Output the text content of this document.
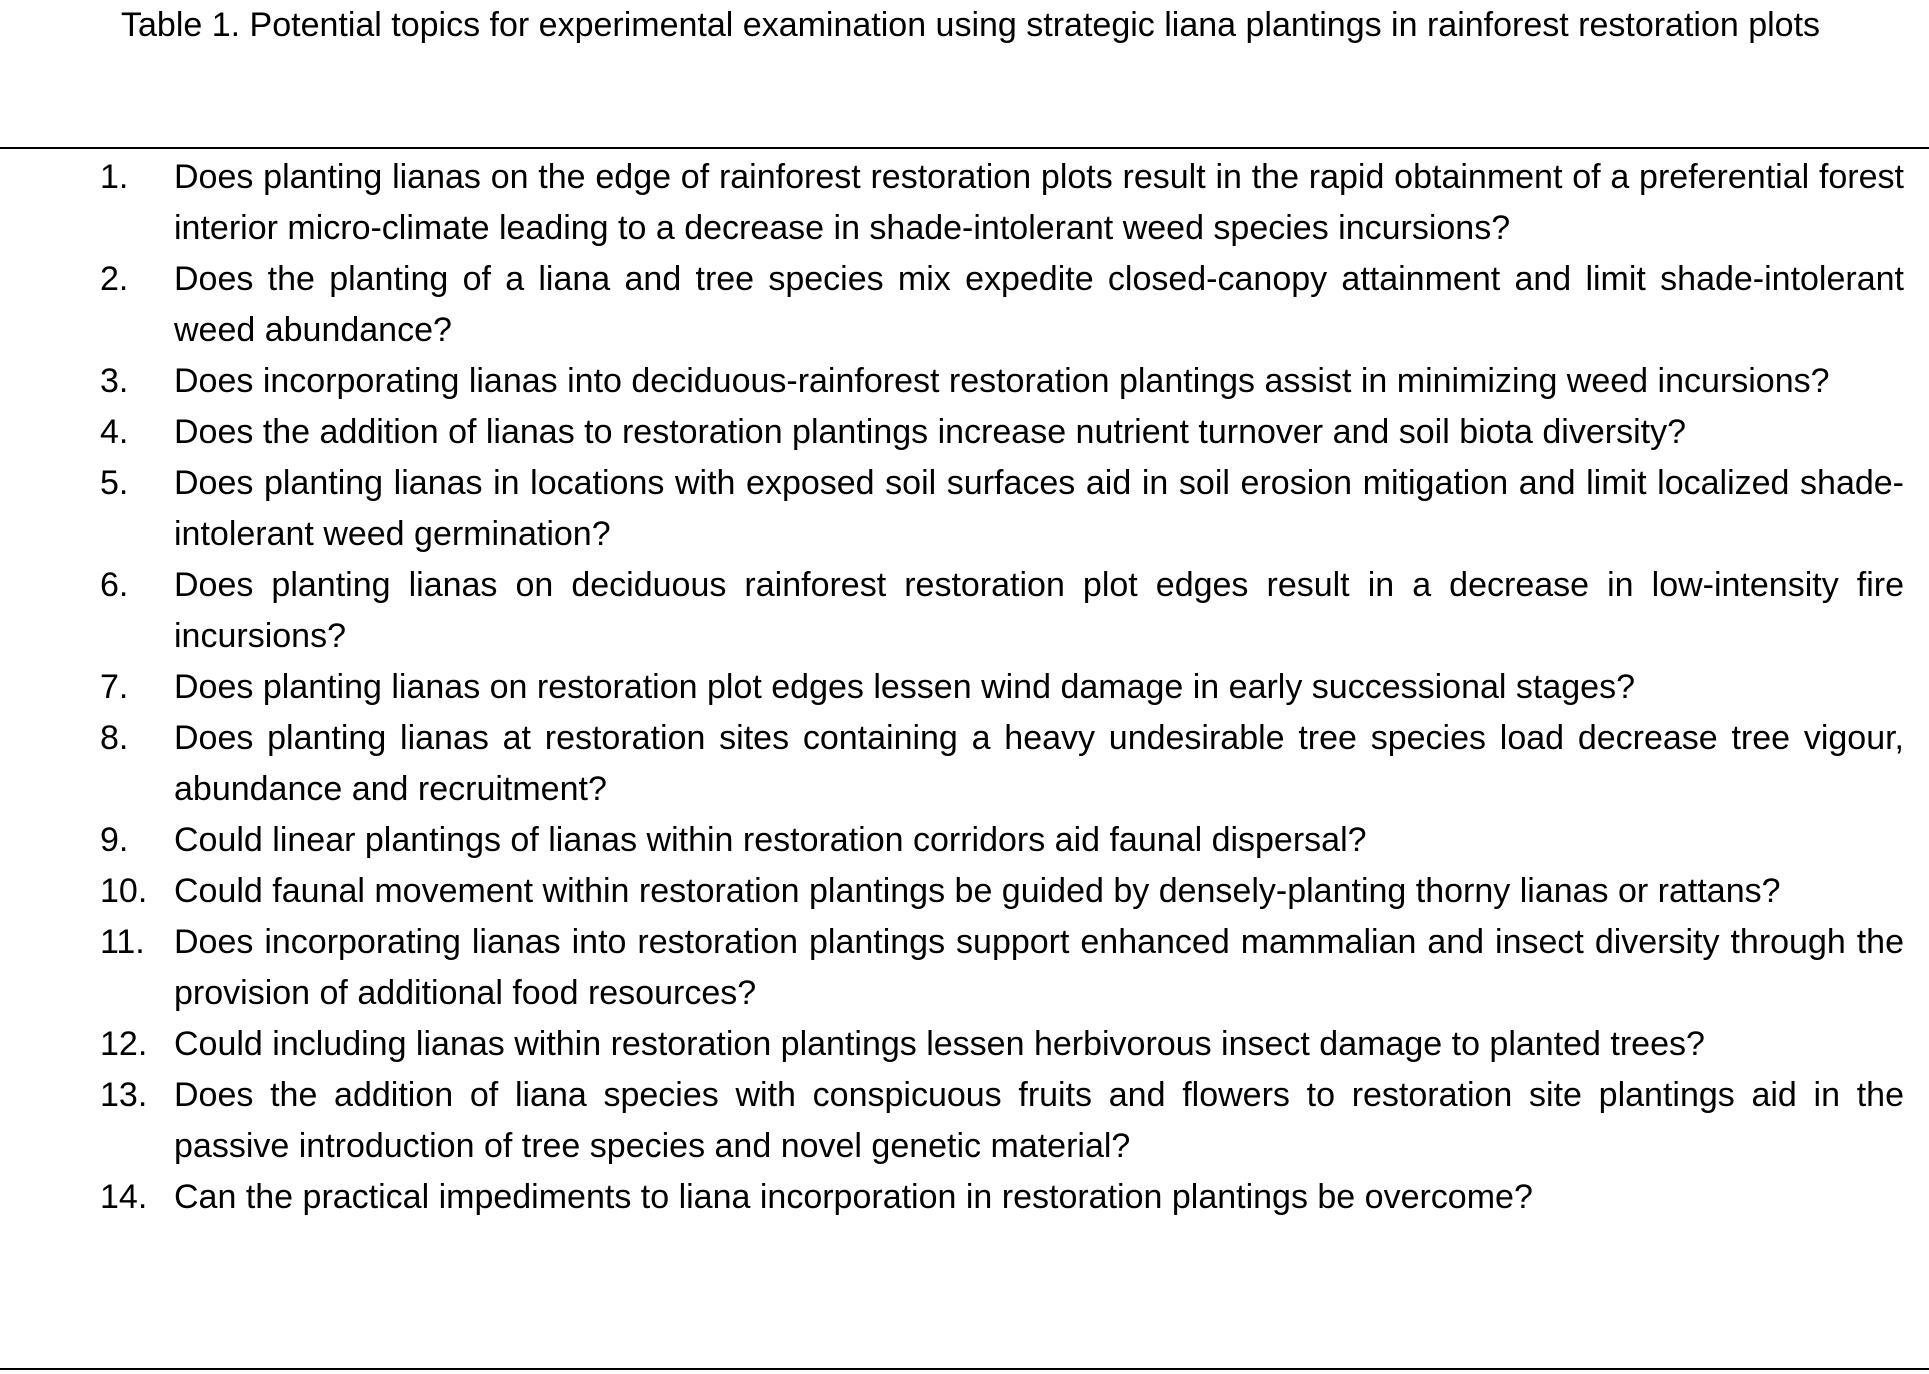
Table 1. Potential topics for experimental examination using strategic liana plantings in rainforest restoration plots
1. Does planting lianas on the edge of rainforest restoration plots result in the rapid obtainment of a preferential forest interior micro-climate leading to a decrease in shade-intolerant weed species incursions?
2. Does the planting of a liana and tree species mix expedite closed-canopy attainment and limit shade-intolerant weed abundance?
3. Does incorporating lianas into deciduous-rainforest restoration plantings assist in minimizing weed incursions?
4. Does the addition of lianas to restoration plantings increase nutrient turnover and soil biota diversity?
5. Does planting lianas in locations with exposed soil surfaces aid in soil erosion mitigation and limit localized shade-intolerant weed germination?
6. Does planting lianas on deciduous rainforest restoration plot edges result in a decrease in low-intensity fire incursions?
7. Does planting lianas on restoration plot edges lessen wind damage in early successional stages?
8. Does planting lianas at restoration sites containing a heavy undesirable tree species load decrease tree vigour, abundance and recruitment?
9. Could linear plantings of lianas within restoration corridors aid faunal dispersal?
10. Could faunal movement within restoration plantings be guided by densely-planting thorny lianas or rattans?
11. Does incorporating lianas into restoration plantings support enhanced mammalian and insect diversity through the provision of additional food resources?
12. Could including lianas within restoration plantings lessen herbivorous insect damage to planted trees?
13. Does the addition of liana species with conspicuous fruits and flowers to restoration site plantings aid in the passive introduction of tree species and novel genetic material?
14. Can the practical impediments to liana incorporation in restoration plantings be overcome?
